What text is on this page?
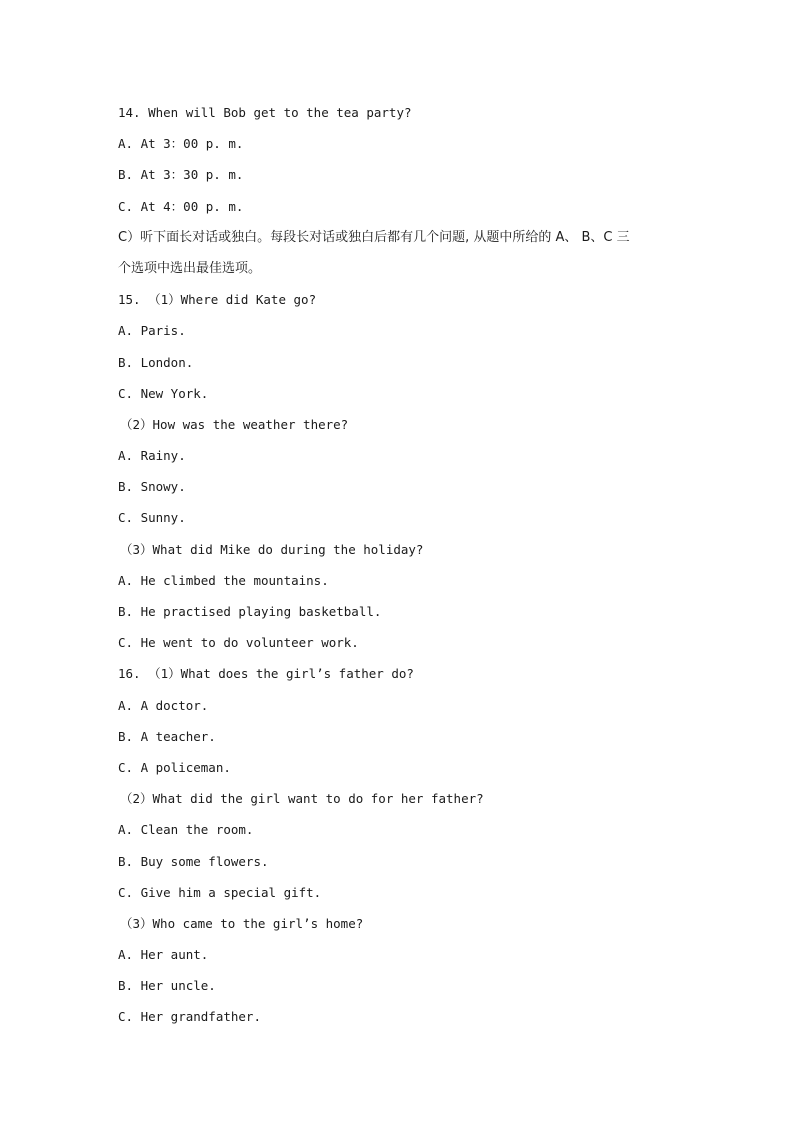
14. When will Bob get to the tea party?
A. At 3：00 p. m.
B. At 3：30 p. m.
C. At 4：00 p. m.
C）听下面长对话或独白。每段长对话或独白后都有几个问题, 从题中所给的 A、 B、C 三
个选项中选出最佳选项。
15. （1）Where did Kate go?
A. Paris.
B. London.
C. New York.
（2）How was the weather there?
A. Rainy.
B. Snowy.
C. Sunny.
（3）What did Mike do during the holiday?
A. He climbed the mountains.
B. He practised playing basketball.
C. He went to do volunteer work.
16. （1）What does the girl’s father do?
A. A doctor.
B. A teacher.
C. A policeman.
（2）What did the girl want to do for her father?
A. Clean the room.
B. Buy some flowers.
C. Give him a special gift.
（3）Who came to the girl’s home?
A. Her aunt.
B. Her uncle.
C. Her grandfather.
